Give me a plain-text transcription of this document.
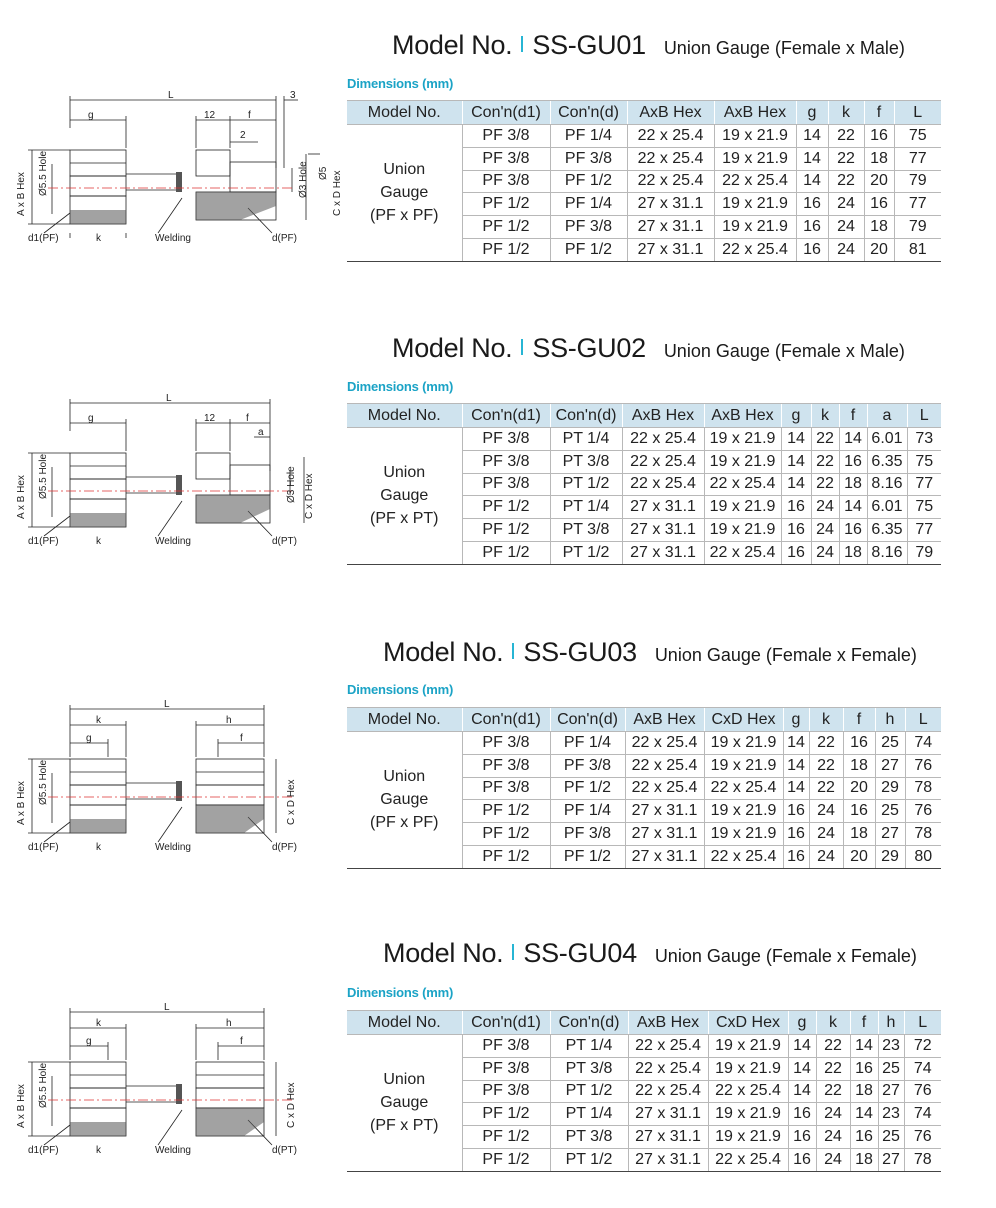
Model No. SS-GU01 Union Gauge (Female x Male)
Dimensions (mm)
L	3
g	12	f
2
Welding
d1(PF)	k	d(PF)
Ø5.5 Hole
A x B Hex	Ø3 Hole Ø5 C x D Hex
Model No.	Con'n(d1)	Con'n(d)	AxB Hex	AxB Hex	g	k	f	L

Union
Gauge
(PF x PF)	PF 3/8	PF 1/4	22 x 25.4	19 x 21.9	14	22	16	75
	PF 3/8	PF 3/8	22 x 25.4	19 x 21.9	14	22	18	77
	PF 3/8	PF 1/2	22 x 25.4	22 x 25.4	14	22	20	79
	PF 1/2	PF 1/4	27 x 31.1	19 x 21.9	16	24	16	77
	PF 1/2	PF 3/8	27 x 31.1	19 x 21.9	16	24	18	79
	PF 1/2	PF 1/2	27 x 31.1	22 x 25.4	16	24	20	81
Model No. SS-GU02 Union Gauge (Female x Male)
Dimensions (mm)
L
g	12	f
a
Welding
d1(PF)	k	d(PT)
Ø5.5 Hole
A x B Hex	Ø3 Hole C x D Hex
Model No.	Con'n(d1)	Con'n(d)	AxB Hex	AxB Hex	g	k	f	a	L

Union
Gauge
(PF x PT)	PF 3/8	PT 1/4	22 x 25.4	19 x 21.9	14	22	14	6.01	73
	PF 3/8	PT 3/8	22 x 25.4	19 x 21.9	14	22	16	6.35	75
	PF 3/8	PT 1/2	22 x 25.4	22 x 25.4	14	22	18	8.16	77
	PF 1/2	PT 1/4	27 x 31.1	19 x 21.9	16	24	14	6.01	75
	PF 1/2	PT 3/8	27 x 31.1	19 x 21.9	16	24	16	6.35	77
	PF 1/2	PT 1/2	27 x 31.1	22 x 25.4	16	24	18	8.16	79
Model No. SS-GU03 Union Gauge (Female x Female)
Dimensions (mm)
L
k	h
g	f
Welding
d1(PF)	k	d(PF)
Ø5.5 Hole
A x B Hex	C x D Hex
Model No.	Con'n(d1)	Con'n(d)	AxB Hex	CxD Hex	g	k	f	h	L

Union
Gauge
(PF x PF)	PF 3/8	PF 1/4	22 x 25.4	19 x 21.9	14	22	16	25	74
	PF 3/8	PF 3/8	22 x 25.4	19 x 21.9	14	22	18	27	76
	PF 3/8	PF 1/2	22 x 25.4	22 x 25.4	14	22	20	29	78
	PF 1/2	PF 1/4	27 x 31.1	19 x 21.9	16	24	16	25	76
	PF 1/2	PF 3/8	27 x 31.1	19 x 21.9	16	24	18	27	78
	PF 1/2	PF 1/2	27 x 31.1	22 x 25.4	16	24	20	29	80
Model No. SS-GU04 Union Gauge (Female x Female)
Dimensions (mm)
L
k	h
g	f
Welding
d1(PF)	k	d(PT)
Ø5.5 Hole
A x B Hex	C x D Hex
Model No.	Con'n(d1)	Con'n(d)	AxB Hex	CxD Hex	g	k	f	h	L

Union
Gauge
(PF x PT)	PF 3/8	PT 1/4	22 x 25.4	19 x 21.9	14	22	14	23	72
	PF 3/8	PT 3/8	22 x 25.4	19 x 21.9	14	22	16	25	74
	PF 3/8	PT 1/2	22 x 25.4	22 x 25.4	14	22	18	27	76
	PF 1/2	PT 1/4	27 x 31.1	19 x 21.9	16	24	14	23	74
	PF 1/2	PT 3/8	27 x 31.1	19 x 21.9	16	24	16	25	76
	PF 1/2	PT 1/2	27 x 31.1	22 x 25.4	16	24	18	27	78
